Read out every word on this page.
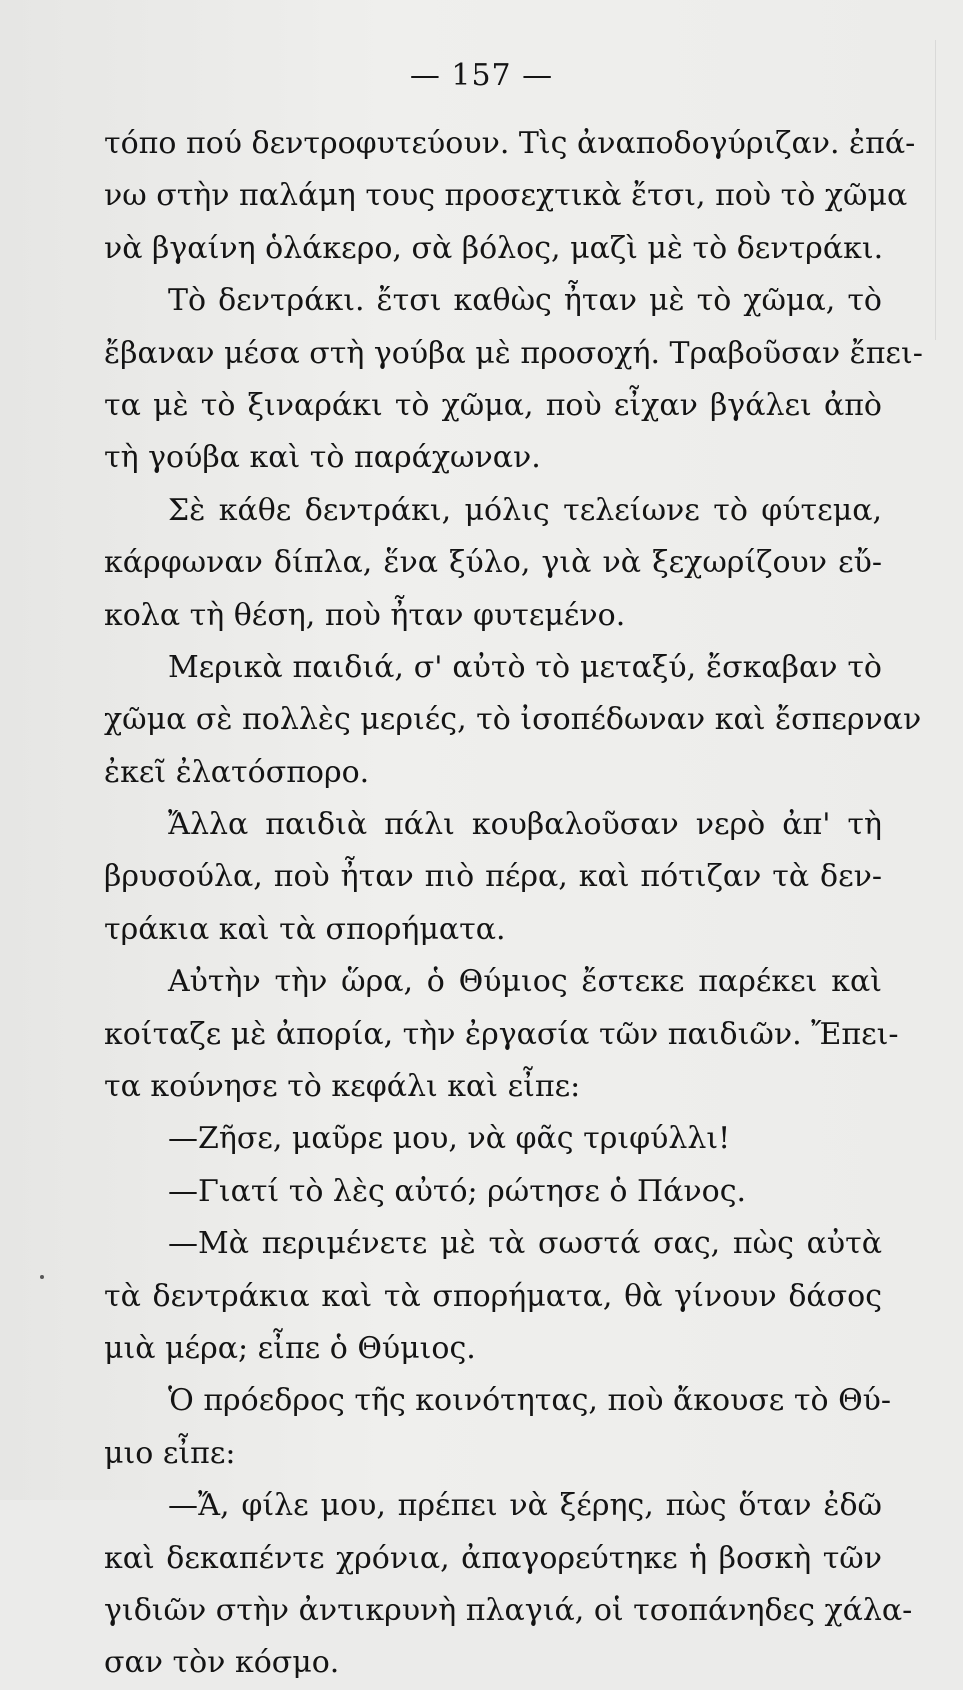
— 157 —
τόπο πού δεντροφυτεύουν. Τὶς ἀναποδογύριζαν. ἐπά-
νω στὴν παλάμη τους προσεχτικὰ ἔτσι, ποὺ τὸ χῶμα
νὰ βγαίνη ὁλάκερο, σὰ βόλος, μαζὶ μὲ τὸ δεντράκι.
Τὸ δεντράκι. ἔτσι καθὼς ἦταν μὲ τὸ χῶμα, τὸ
ἔβαναν μέσα στὴ γούβα μὲ προσοχή. Τραβοῦσαν ἔπει-
τα μὲ τὸ ξιναράκι τὸ χῶμα, ποὺ εἶχαν βγάλει ἀπὸ
τὴ γούβα καὶ τὸ παράχωναν.
Σὲ κάθε δεντράκι, μόλις τελείωνε τὸ φύτεμα,
κάρφωναν δίπλα, ἕνα ξύλο, γιὰ νὰ ξεχωρίζουν εὔ-
κολα τὴ θέση, ποὺ ἦταν φυτεμένο.
Μερικὰ παιδιά, σ' αὐτὸ τὸ μεταξύ, ἔσκαβαν τὸ
χῶμα σὲ πολλὲς μεριές, τὸ ἰσοπέδωναν καὶ ἔσπερναν
ἐκεῖ ἐλατόσπορο.
Ἄλλα παιδιὰ πάλι κουβαλοῦσαν νερὸ ἀπ' τὴ
βρυσούλα, ποὺ ἦταν πιὸ πέρα, καὶ πότιζαν τὰ δεν-
τράκια καὶ τὰ σπορήματα.
Αὐτὴν τὴν ὥρα, ὁ Θύμιος ἔστεκε παρέκει καὶ
κοίταζε μὲ ἀπορία, τὴν ἐργασία τῶν παιδιῶν. Ἔπει-
τα κούνησε τὸ κεφάλι καὶ εἶπε:
—Ζῆσε, μαῦρε μου, νὰ φᾶς τριφύλλι!
—Γιατί τὸ λὲς αὐτό; ρώτησε ὁ Πάνος.
—Μὰ περιμένετε μὲ τὰ σωστά σας, πὼς αὐτὰ
τὰ δεντράκια καὶ τὰ σπορήματα, θὰ γίνουν δάσος
μιὰ μέρα; εἶπε ὁ Θύμιος.
Ὁ πρόεδρος τῆς κοινότητας, ποὺ ἄκουσε τὸ Θύ-
μιο εἶπε:
—Ἄ, φίλε μου, πρέπει νὰ ξέρης, πὼς ὅταν ἐδῶ
καὶ δεκαπέντε χρόνια, ἀπαγορεύτηκε ἡ βοσκὴ τῶν
γιδιῶν στὴν ἀντικρυνὴ πλαγιά, οἱ τσοπάνηδες χάλα-
σαν τὸν κόσμο.
